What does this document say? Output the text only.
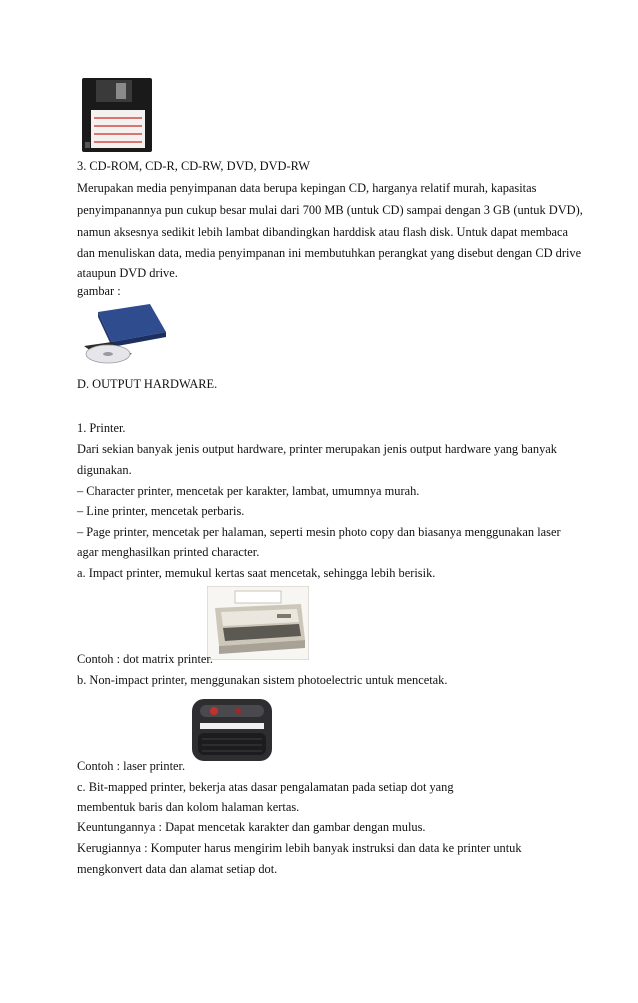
3. CD-ROM, CD-R, CD-RW, DVD, DVD-RW
Merupakan media penyimpanan data berupa kepingan CD, harganya relatif murah, kapasitas
penyimpanannya pun cukup besar mulai dari 700 MB (untuk CD) sampai dengan 3 GB (untuk DVD),
namun aksesnya sedikit lebih lambat dibandingkan harddisk atau flash disk. Untuk dapat membaca
dan menuliskan data, media penyimpanan ini membutuhkan perangkat yang disebut dengan CD drive
ataupun DVD drive.
gambar :
D. OUTPUT HARDWARE.
1. Printer.
Dari sekian banyak jenis output hardware, printer merupakan jenis output hardware yang banyak
digunakan.
– Character printer, mencetak per karakter, lambat, umumnya murah.
– Line printer, mencetak perbaris.
– Page printer, mencetak per halaman, seperti mesin photo copy dan biasanya menggunakan laser
agar menghasilkan printed character.
a. Impact printer, memukul kertas saat mencetak, sehingga lebih berisik.
Contoh : dot matrix printer.
b. Non-impact printer, menggunakan sistem photoelectric untuk mencetak.
Contoh : laser printer.
c. Bit-mapped printer, bekerja atas dasar pengalamatan pada setiap dot yang
membentuk baris dan kolom halaman kertas.
Keuntungannya : Dapat mencetak karakter dan gambar dengan mulus.
Kerugiannya : Komputer harus mengirim lebih banyak instruksi dan data ke printer untuk
mengkonvert data dan alamat setiap dot.
